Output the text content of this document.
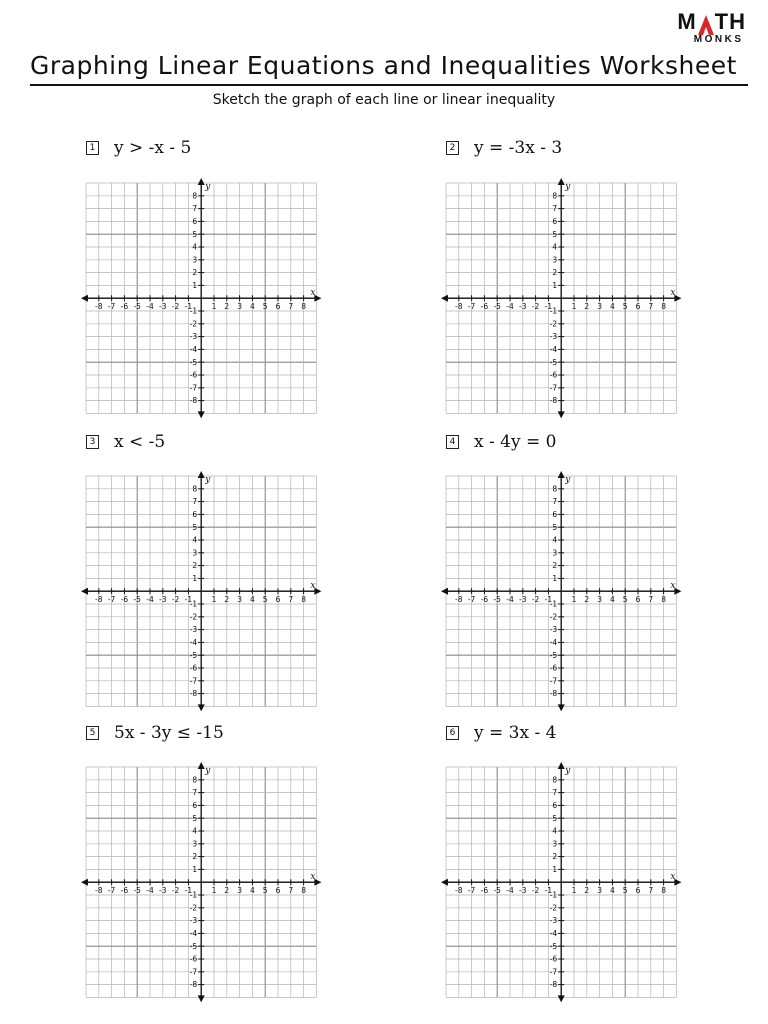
M TH
MONKS
Graphing Linear Equations and Inequalities Worksheet
Sketch the graph of each line or linear inequality
1 y > -x - 5
-8 -7 -6 -5 -4 -3 -2 -1	1 2 3 4 5 6 7 8
8
7
6
5
4
3
2
1
-1
-2
-3
-4
-5
-6
-7
-8
x
y
2 y = -3x - 3
-8 -7 -6 -5 -4 -3 -2 -1	1 2 3 4 5 6 7 8
8
7
6
5
4
3
2
1
-1
-2
-3
-4
-5
-6
-7
-8
x
y
3 x < -5
-8 -7 -6 -5 -4 -3 -2 -1	1 2 3 4 5 6 7 8
8
7
6
5
4
3
2
1
-1
-2
-3
-4
-5
-6
-7
-8
x
y
4 x - 4y = 0
-8 -7 -6 -5 -4 -3 -2 -1	1 2 3 4 5 6 7 8
8
7
6
5
4
3
2
1
-1
-2
-3
-4
-5
-6
-7
-8
x
y
5 5x - 3y ≤ -15
-8 -7 -6 -5 -4 -3 -2 -1	1 2 3 4 5 6 7 8
8
7
6
5
4
3
2
1
-1
-2
-3
-4
-5
-6
-7
-8
x
y
6 y = 3x - 4
-8 -7 -6 -5 -4 -3 -2 -1	1 2 3 4 5 6 7 8
8
7
6
5
4
3
2
1
-1
-2
-3
-4
-5
-6
-7
-8
x
y
